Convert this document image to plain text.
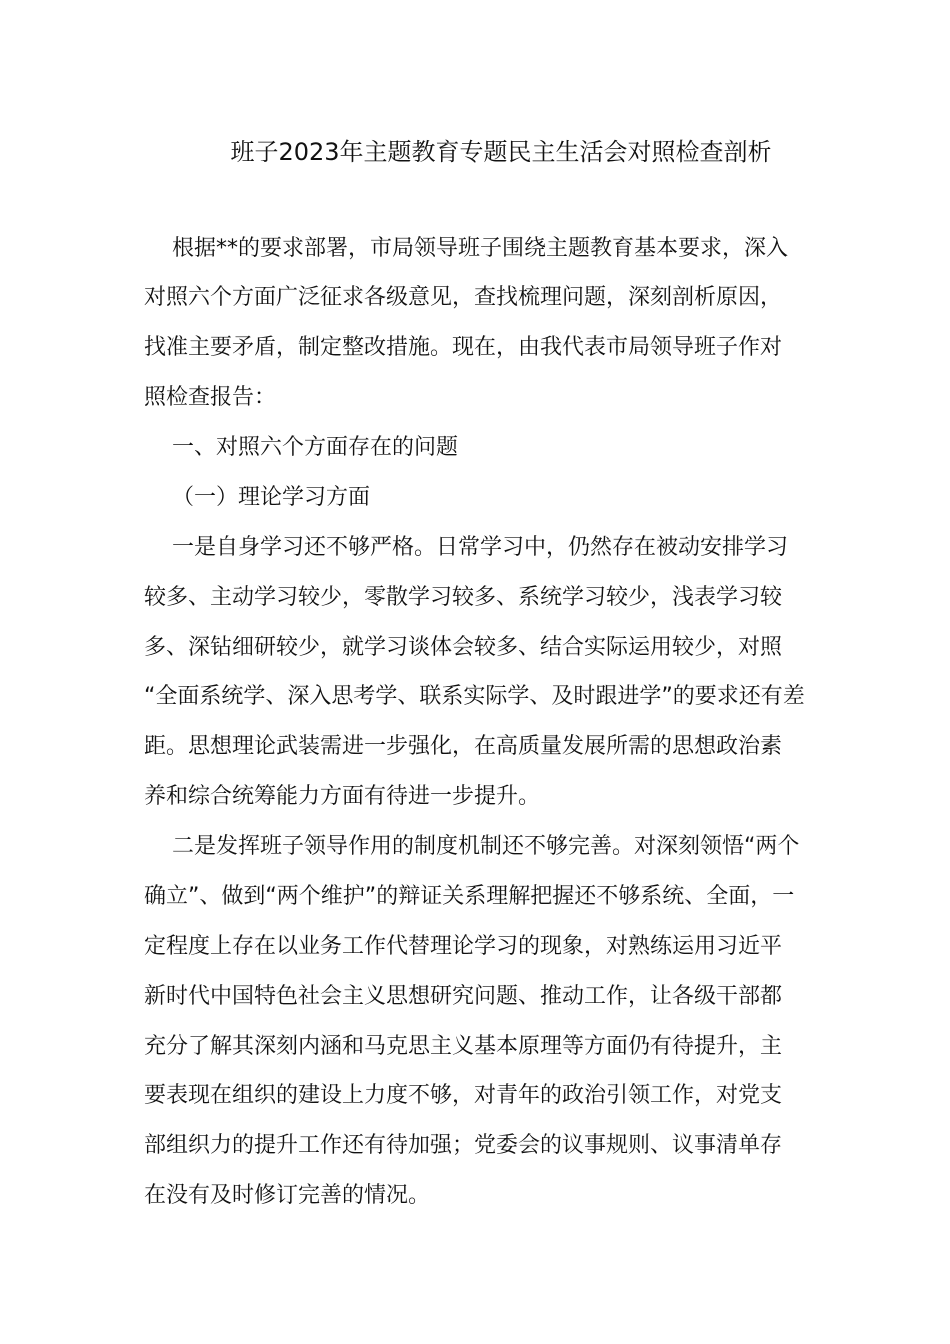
班子2023年主题教育专题民主生活会对照检查剖析

根据**的要求部署，市局领导班子围绕主题教育基本要求，深入

对照六个方面广泛征求各级意见，查找梳理问题，深刻剖析原因，

找准主要矛盾，制定整改措施。现在，由我代表市局领导班子作对

照检查报告：

一、对照六个方面存在的问题

（一）理论学习方面

一是自身学习还不够严格。日常学习中，仍然存在被动安排学习

较多、主动学习较少，零散学习较多、系统学习较少，浅表学习较

多、深钻细研较少，就学习谈体会较多、结合实际运用较少，对照

“全面系统学、深入思考学、联系实际学、及时跟进学”的要求还有差

距。思想理论武装需进一步强化，在高质量发展所需的思想政治素

养和综合统筹能力方面有待进一步提升。

二是发挥班子领导作用的制度机制还不够完善。对深刻领悟“两个

确立”、做到“两个维护”的辩证关系理解把握还不够系统、全面，一

定程度上存在以业务工作代替理论学习的现象，对熟练运用习近平

新时代中国特色社会主义思想研究问题、推动工作，让各级干部都

充分了解其深刻内涵和马克思主义基本原理等方面仍有待提升，主

要表现在组织的建设上力度不够，对青年的政治引领工作，对党支

部组织力的提升工作还有待加强；党委会的议事规则、议事清单存

在没有及时修订完善的情况。
